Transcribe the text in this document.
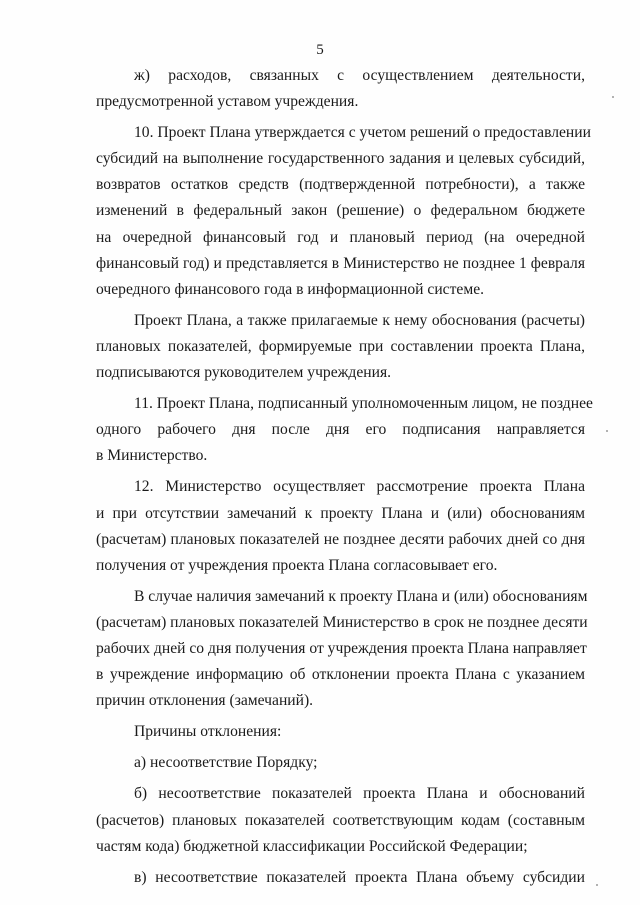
5
ж) расходов, связанных с осуществлением деятельности,
предусмотренной уставом учреждения.
10. Проект Плана утверждается с учетом решений о предоставлении
субсидий на выполнение государственного задания и целевых субсидий,
возвратов остатков средств (подтвержденной потребности), а также
изменений в федеральный закон (решение) о федеральном бюджете
на очередной финансовый год и плановый период (на очередной
финансовый год) и представляется в Министерство не позднее 1 февраля
очередного финансового года в информационной системе.
Проект Плана, а также прилагаемые к нему обоснования (расчеты)
плановых показателей, формируемые при составлении проекта Плана,
подписываются руководителем учреждения.
11. Проект Плана, подписанный уполномоченным лицом, не позднее
одного рабочего дня после дня его подписания направляется
в Министерство.
12. Министерство осуществляет рассмотрение проекта Плана
и при отсутствии замечаний к проекту Плана и (или) обоснованиям
(расчетам) плановых показателей не позднее десяти рабочих дней со дня
получения от учреждения проекта Плана согласовывает его.
В случае наличия замечаний к проекту Плана и (или) обоснованиям
(расчетам) плановых показателей Министерство в срок не позднее десяти
рабочих дней со дня получения от учреждения проекта Плана направляет
в учреждение информацию об отклонении проекта Плана с указанием
причин отклонения (замечаний).
Причины отклонения:
а) несоответствие Порядку;
б) несоответствие показателей проекта Плана и обоснований
(расчетов) плановых показателей соответствующим кодам (составным
частям кода) бюджетной классификации Российской Федерации;
в) несоответствие показателей проекта Плана объему субсидии
